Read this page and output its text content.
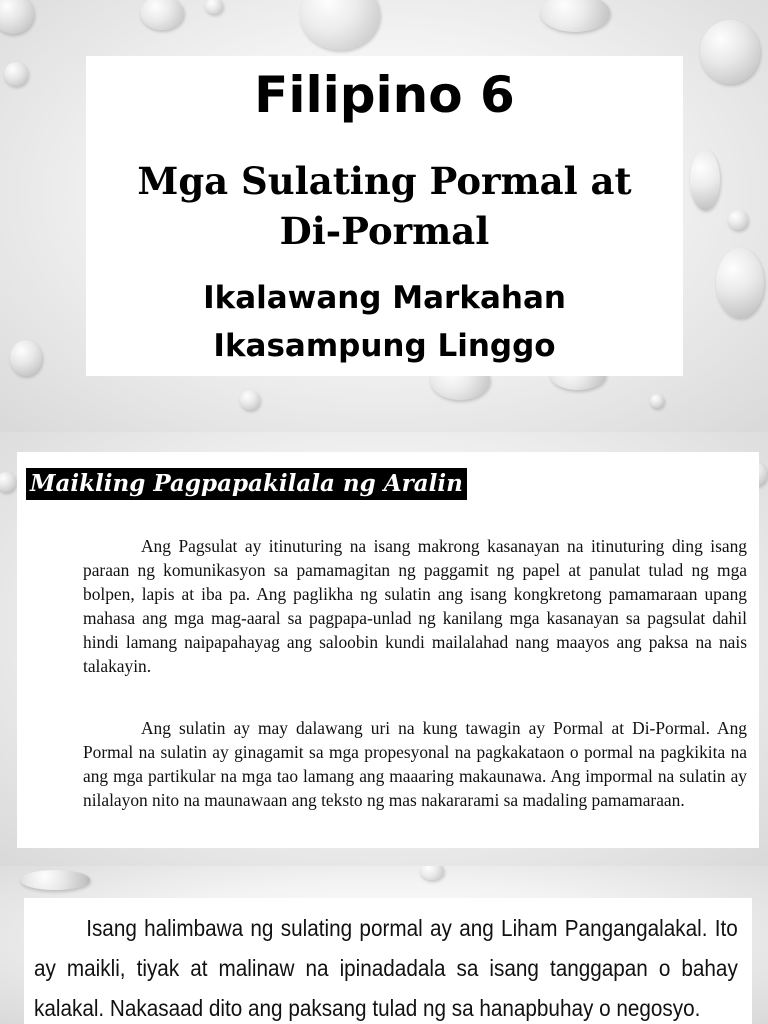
Filipino 6
Mga Sulating Pormal at
Di-Pormal
Ikalawang Markahan
Ikasampung Linggo
Maikling Pagpapakilala ng Aralin

Ang Pagsulat ay itinuturing na isang makrong kasanayan na itinuturing ding isang paraan ng komunikasyon sa pamamagitan ng paggamit ng papel at panulat tulad ng mga bolpen, lapis at iba pa. Ang paglikha ng sulatin ang isang kongkretong pamamaraan upang mahasa ang mga mag-aaral sa pagpapa-unlad ng kanilang mga kasanayan sa pagsulat dahil hindi lamang naipapahayag ang saloobin kundi mailalahad nang maayos ang paksa na nais talakayin.

Ang sulatin ay may dalawang uri na kung tawagin ay Pormal at Di-Pormal. Ang Pormal na sulatin ay ginagamit sa mga propesyonal na pagkakataon o pormal na pagkikita na ang mga partikular na mga tao lamang ang maaaring makaunawa. Ang impormal na sulatin ay nilalayon nito na maunawaan ang teksto ng mas nakararami sa madaling pamamaraan.

Isang halimbawa ng sulating pormal ay ang Liham Pangangalakal. Ito ay maikli, tiyak at malinaw na ipinadadala sa isang tanggapan o bahay kalakal. Nakasaad dito ang paksang tulad ng sa hanapbuhay o negosyo.
